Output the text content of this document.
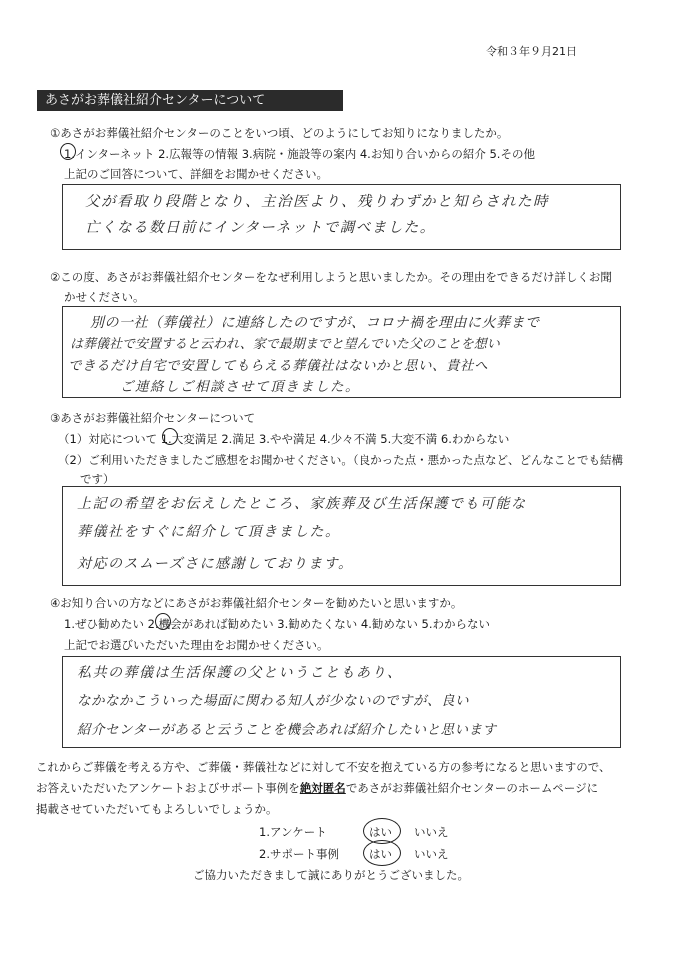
令和３年９月21日
あさがお葬儀社紹介センターについて
①あさがお葬儀社紹介センターのことをいつ頃、どのようにしてお知りになりましたか。
1.インターネット 2.広報等の情報 3.病院・施設等の案内 4.お知り合いからの紹介 5.その他
上記のご回答について、詳細をお聞かせください。
父が看取り段階となり、主治医より、残りわずかと知らされた時
亡くなる数日前にインターネットで調べました。
②この度、あさがお葬儀社紹介センターをなぜ利用しようと思いましたか。その理由をできるだけ詳しくお聞
かせください。
別の一社（葬儀社）に連絡したのですが、コロナ禍を理由に火葬まで
は葬儀社で安置すると云われ、家で最期までと望んでいた父のことを想い
できるだけ自宅で安置してもらえる葬儀社はないかと思い、貴社へ
ご連絡しご相談させて頂きました。
③あさがお葬儀社紹介センターについて
（1）対応について 1.大変満足 2.満足 3.やや満足 4.少々不満 5.大変不満 6.わからない
（2）ご利用いただきましたご感想をお聞かせください。（良かった点・悪かった点など、どんなことでも結構
です）
上記の希望をお伝えしたところ、家族葬及び生活保護でも可能な
葬儀社をすぐに紹介して頂きました。
対応のスムーズさに感謝しております。
④お知り合いの方などにあさがお葬儀社紹介センターを勧めたいと思いますか。
1.ぜひ勧めたい 2.機会があれば勧めたい 3.勧めたくない 4.勧めない 5.わからない
上記でお選びいただいた理由をお聞かせください。
私共の葬儀は生活保護の父ということもあり、
なかなかこういった場面に関わる知人が少ないのですが、良い
紹介センターがあると云うことを機会あれば紹介したいと思います
これからご葬儀を考える方や、ご葬儀・葬儀社などに対して不安を抱えている方の参考になると思いますので、
お答えいただいたアンケートおよびサポート事例を絶対匿名であさがお葬儀社紹介センターのホームページに
掲載させていただいてもよろしいでしょうか。
1.アンケート	はい いいえ
2.サポート事例	はい いいえ
ご協力いただきまして誠にありがとうございました。
